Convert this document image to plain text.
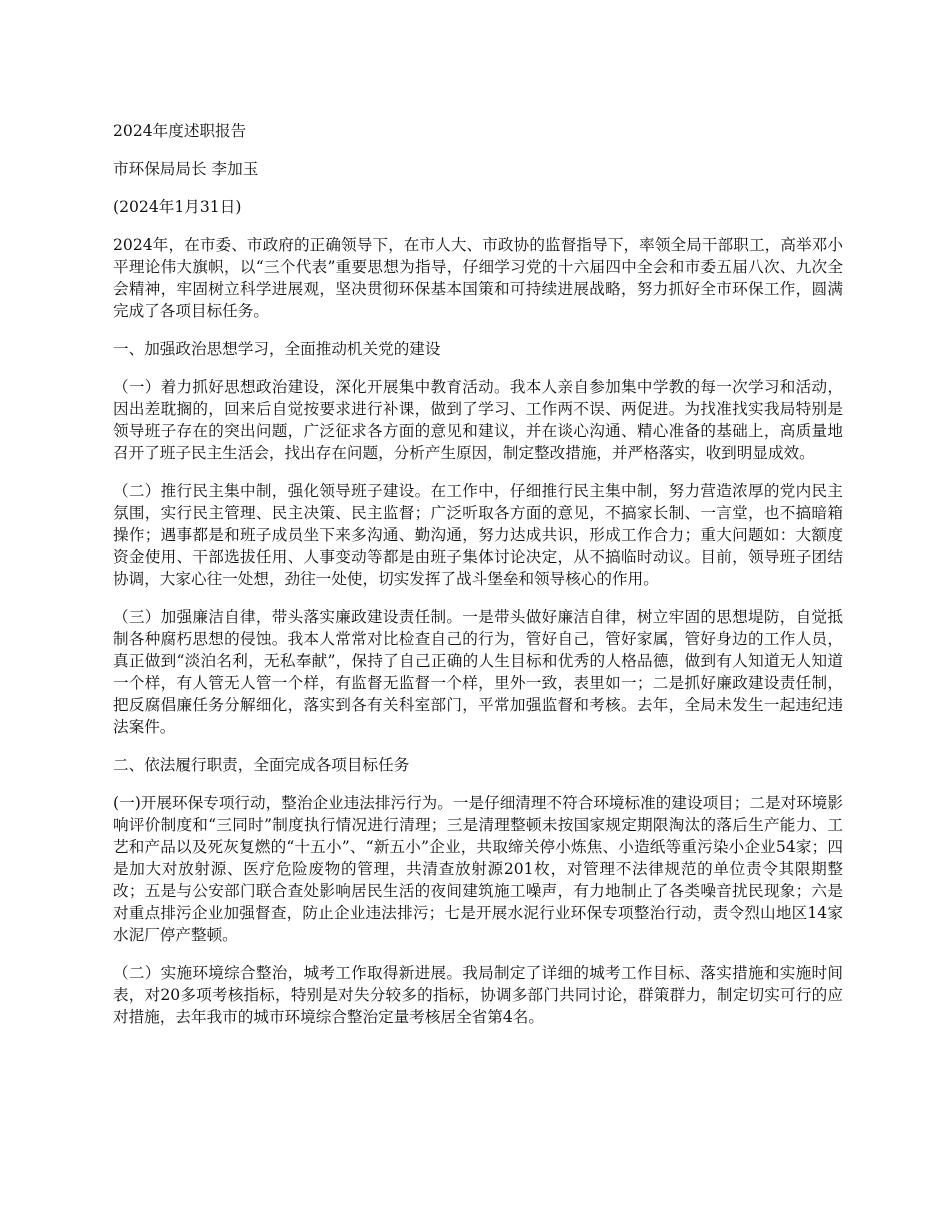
2024年度述职报告

市环保局局长 李加玉

(2024年1月31日)

2024年，在市委、市政府的正确领导下，在市人大、市政协的监督指导下，率领全局干部职工，高举邓小平理论伟大旗帜，以“三个代表”重要思想为指导，仔细学习党的十六届四中全会和市委五届八次、九次全会精神，牢固树立科学进展观，坚决贯彻环保基本国策和可持续进展战略，努力抓好全市环保工作，圆满完成了各项目标任务。

一、加强政治思想学习，全面推动机关党的建设

（一）着力抓好思想政治建设，深化开展集中教育活动。我本人亲自参加集中学教的每一次学习和活动，因出差耽搁的，回来后自觉按要求进行补课，做到了学习、工作两不误、两促进。为找准找实我局特别是领导班子存在的突出问题，广泛征求各方面的意见和建议，并在谈心沟通、精心准备的基础上，高质量地召开了班子民主生活会，找出存在问题，分析产生原因，制定整改措施，并严格落实，收到明显成效。

（二）推行民主集中制，强化领导班子建设。在工作中，仔细推行民主集中制，努力营造浓厚的党内民主氛围，实行民主管理、民主决策、民主监督；广泛听取各方面的意见，不搞家长制、一言堂，也不搞暗箱操作；遇事都是和班子成员坐下来多沟通、勤沟通，努力达成共识，形成工作合力；重大问题如：大额度资金使用、干部选拔任用、人事变动等都是由班子集体讨论决定，从不搞临时动议。目前，领导班子团结协调，大家心往一处想，劲往一处使，切实发挥了战斗堡垒和领导核心的作用。

（三）加强廉洁自律，带头落实廉政建设责任制。一是带头做好廉洁自律，树立牢固的思想堤防，自觉抵制各种腐朽思想的侵蚀。我本人常常对比检查自己的行为，管好自己，管好家属，管好身边的工作人员，真正做到“淡泊名利，无私奉献”，保持了自己正确的人生目标和优秀的人格品德，做到有人知道无人知道一个样，有人管无人管一个样，有监督无监督一个样，里外一致，表里如一；二是抓好廉政建设责任制，把反腐倡廉任务分解细化，落实到各有关科室部门，平常加强监督和考核。去年，全局未发生一起违纪违法案件。

二、依法履行职责，全面完成各项目标任务

(一)开展环保专项行动，整治企业违法排污行为。一是仔细清理不符合环境标准的建设项目；二是对环境影响评价制度和“三同时”制度执行情况进行清理；三是清理整顿未按国家规定期限淘汰的落后生产能力、工艺和产品以及死灰复燃的“十五小”、“新五小”企业，共取缔关停小炼焦、小造纸等重污染小企业54家；四是加大对放射源、医疗危险废物的管理，共清查放射源201枚，对管理不法律规范的单位责令其限期整改；五是与公安部门联合查处影响居民生活的夜间建筑施工噪声，有力地制止了各类噪音扰民现象；六是对重点排污企业加强督查，防止企业违法排污；七是开展水泥行业环保专项整治行动，责令烈山地区14家水泥厂停产整顿。

（二）实施环境综合整治，城考工作取得新进展。我局制定了详细的城考工作目标、落实措施和实施时间表，对20多项考核指标，特别是对失分较多的指标，协调多部门共同讨论，群策群力，制定切实可行的应对措施，去年我市的城市环境综合整治定量考核居全省第4名。
